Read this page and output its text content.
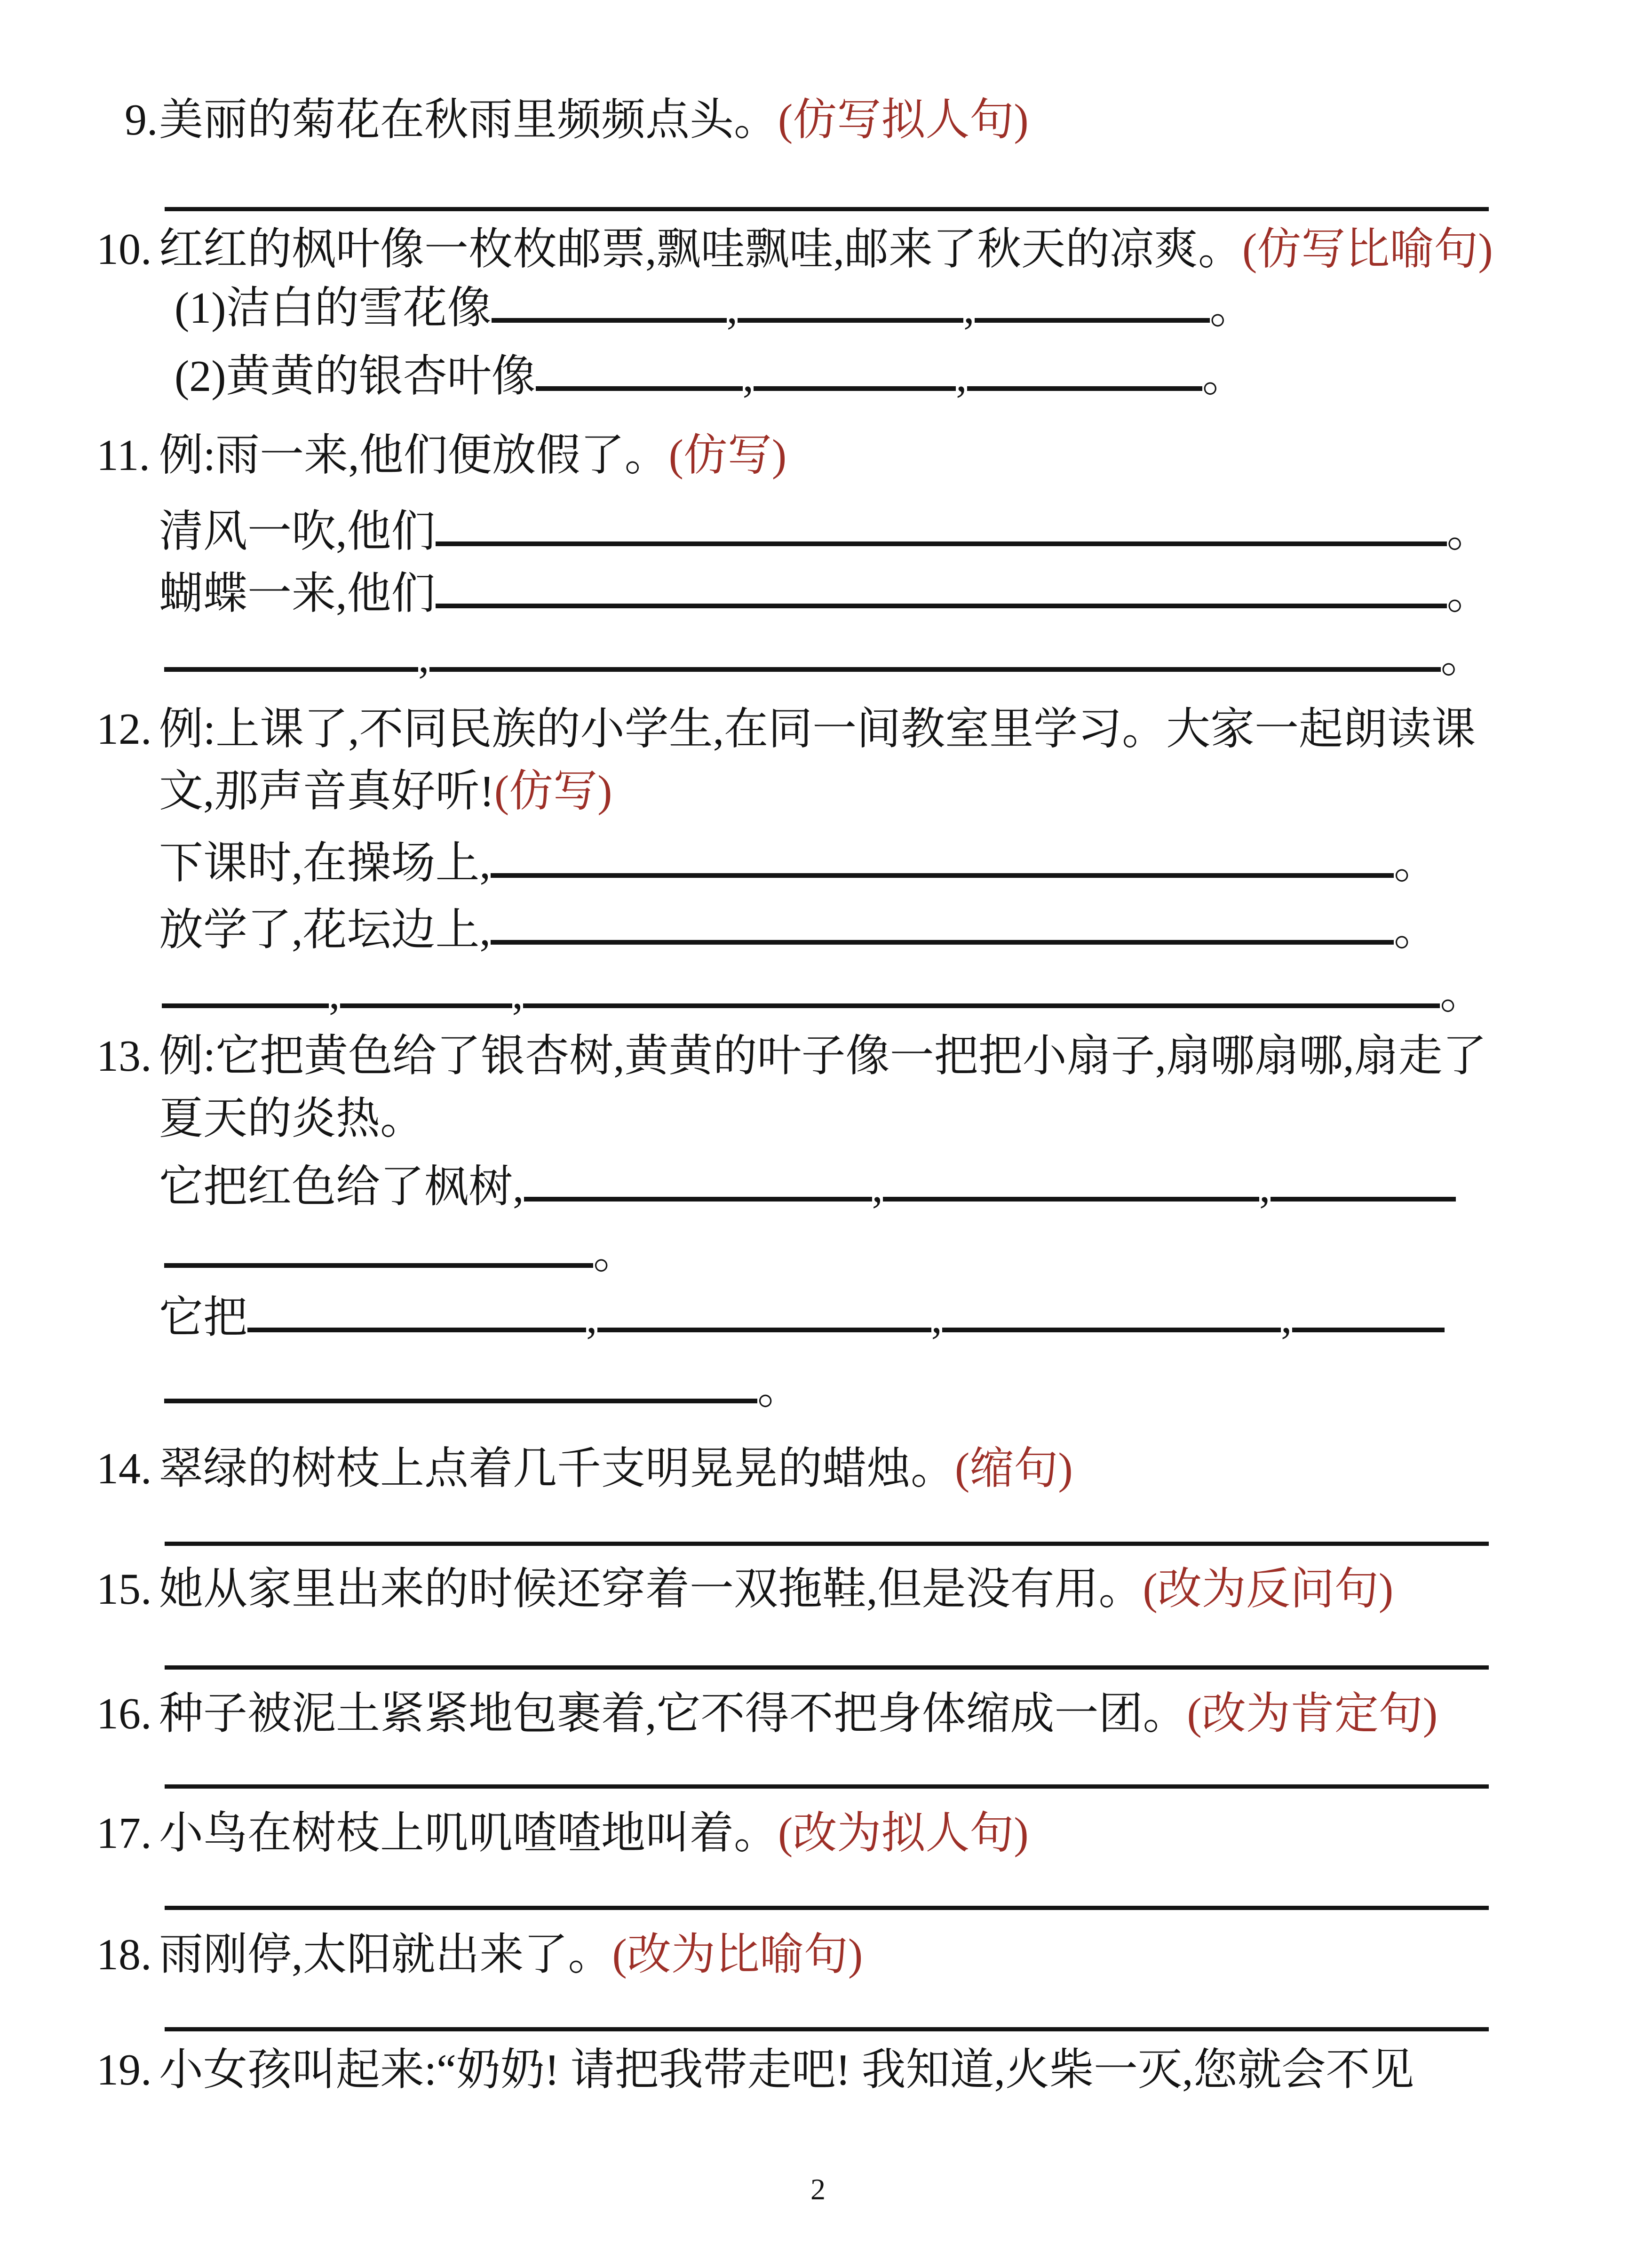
9. 美丽的菊花在秋雨里频频点头。 (仿写拟人句)
10. 红红的枫叶像一枚枚邮票,飘哇飘哇,邮来了秋天的凉爽。 (仿写比喻句)
(1)洁白的雪花像	,	,	。
(2)黄黄的银杏叶像	,	,	。
11. 例:雨一来,他们便放假了。 (仿写)
清风一吹,他们	。
蝴蝶一来,他们	。
,	。
12. 例:上课了,不同民族的小学生,在同一间教室里学习。大家一起朗读课
文,那声音真好听! (仿写)
下课时,在操场上,	。
放学了,花坛边上,	。
,	,	。
13. 例:它把黄色给了银杏树,黄黄的叶子像一把把小扇子,扇哪扇哪,扇走了
夏天的炎热。
它把红色给了枫树,	,	,
。
它把	,	,	,
。
14. 翠绿的树枝上点着几千支明晃晃的蜡烛。 (缩句)
15. 她从家里出来的时候还穿着一双拖鞋,但是没有用。 (改为反问句)
16. 种子被泥土紧紧地包裹着,它不得不把身体缩成一团。 (改为肯定句)
17. 小鸟在树枝上叽叽喳喳地叫着。 (改为拟人句)
18. 雨刚停,太阳就出来了。 (改为比喻句)
19. 小女孩叫起来:“奶奶! 请把我带走吧! 我知道,火柴一灭,您就会不见
2
